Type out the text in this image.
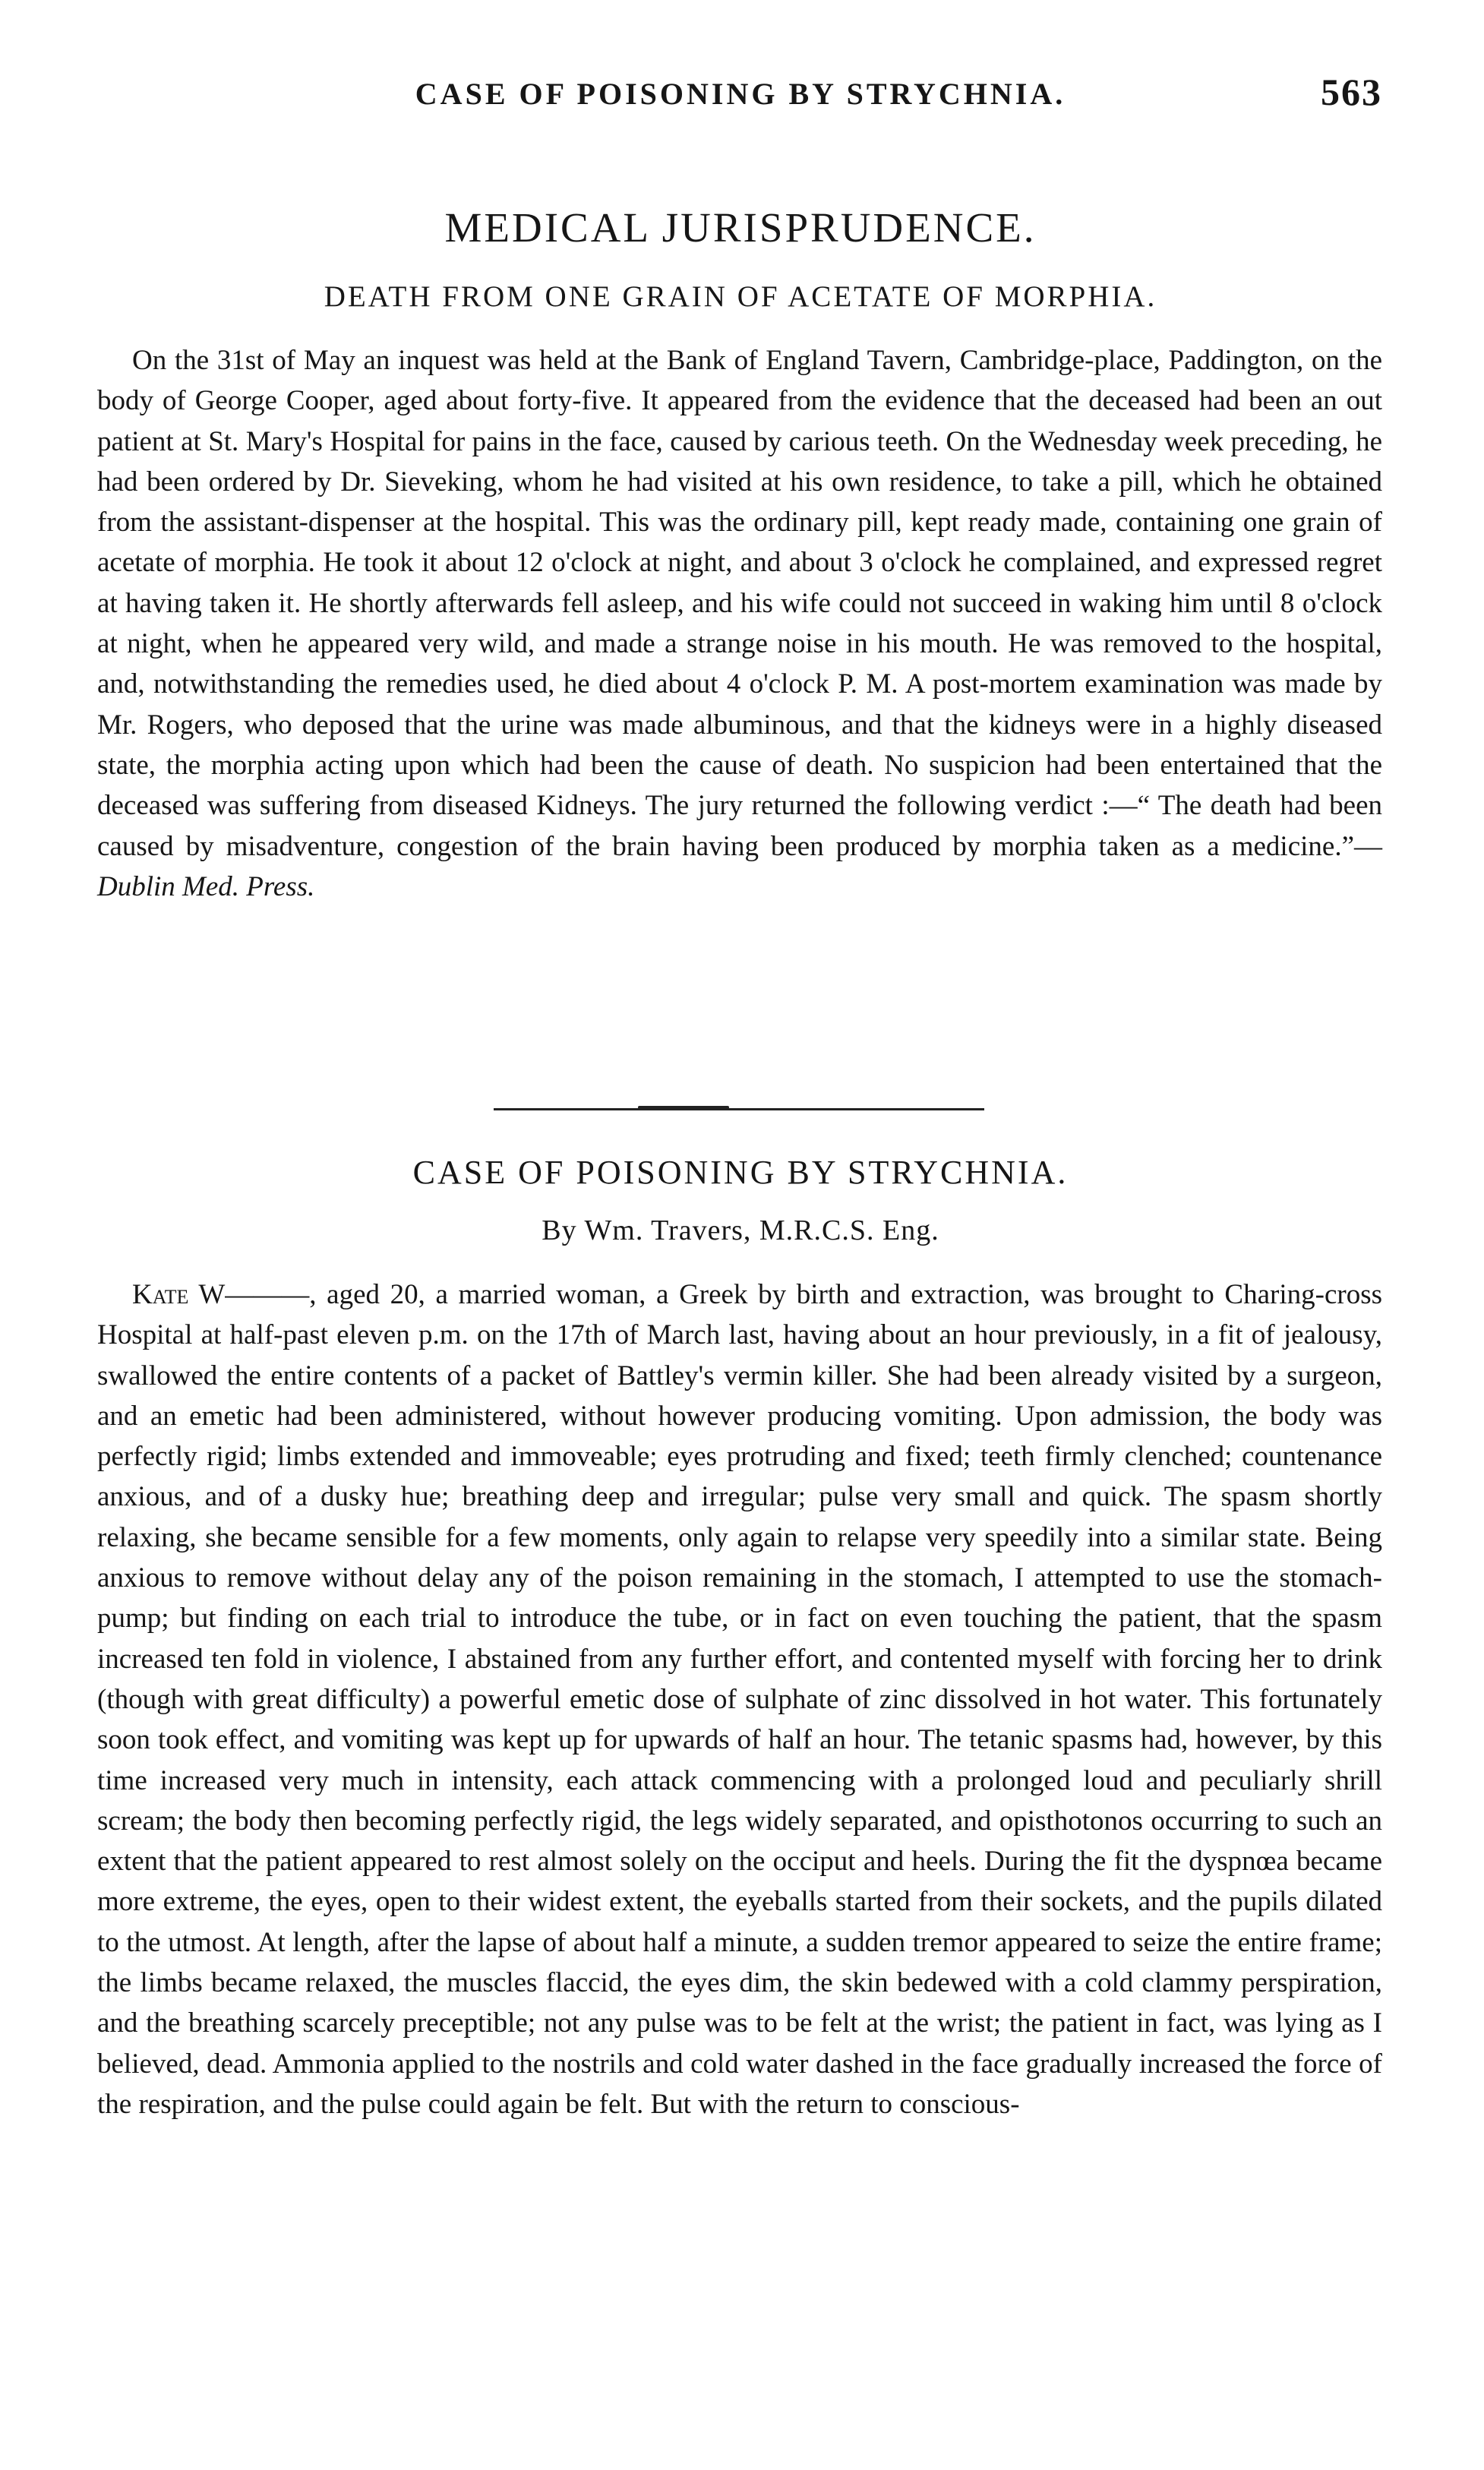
CASE OF POISONING BY STRYCHNIA.	563
MEDICAL JURISPRUDENCE.
DEATH FROM ONE GRAIN OF ACETATE OF MORPHIA.

On the 31st of May an inquest was held at the Bank of England Tavern, Cambridge-place, Paddington, on the body of George Cooper, aged about forty-five. It appeared from the evidence that the deceased had been an out patient at St. Mary's Hospital for pains in the face, caused by carious teeth. On the Wednesday week preceding, he had been ordered by Dr. Sieveking, whom he had visited at his own residence, to take a pill, which he obtained from the assistant-dispenser at the hospital. This was the ordinary pill, kept ready made, containing one grain of acetate of morphia. He took it about 12 o'clock at night, and about 3 o'clock he complained, and expressed regret at having taken it. He shortly afterwards fell asleep, and his wife could not succeed in waking him until 8 o'clock at night, when he appeared very wild, and made a strange noise in his mouth. He was removed to the hospital, and, notwithstanding the remedies used, he died about 4 o'clock P. M. A post-mortem examination was made by Mr. Rogers, who deposed that the urine was made albuminous, and that the kidneys were in a highly diseased state, the morphia acting upon which had been the cause of death. No suspicion had been entertained that the deceased was suffering from diseased Kidneys. The jury returned the following verdict :—“ The death had been caused by misadventure, congestion of the brain having been produced by morphia taken as a medicine.”—Dublin Med. Press.

CASE OF POISONING BY STRYCHNIA.
By Wm. Travers, M.R.C.S. Eng.

Kate W———, aged 20, a married woman, a Greek by birth and extraction, was brought to Charing-cross Hospital at half-past eleven p.m. on the 17th of March last, having about an hour previously, in a fit of jealousy, swallowed the entire contents of a packet of Battley's vermin killer. She had been already visited by a surgeon, and an emetic had been administered, without however producing vomiting. Upon admission, the body was perfectly rigid; limbs extended and immoveable; eyes protruding and fixed; teeth firmly clenched; countenance anxious, and of a dusky hue; breathing deep and irregular; pulse very small and quick. The spasm shortly relaxing, she became sensible for a few moments, only again to relapse very speedily into a similar state. Being anxious to remove without delay any of the poison remaining in the stomach, I attempted to use the stomach-pump; but finding on each trial to introduce the tube, or in fact on even touching the patient, that the spasm increased ten fold in violence, I abstained from any further effort, and contented myself with forcing her to drink (though with great difficulty) a powerful emetic dose of sulphate of zinc dissolved in hot water. This fortunately soon took effect, and vomiting was kept up for upwards of half an hour. The tetanic spasms had, however, by this time increased very much in intensity, each attack commencing with a prolonged loud and peculiarly shrill scream; the body then becoming perfectly rigid, the legs widely separated, and opisthotonos occurring to such an extent that the patient appeared to rest almost solely on the occiput and heels. During the fit the dyspnœa became more extreme, the eyes, open to their widest extent, the eyeballs started from their sockets, and the pupils dilated to the utmost. At length, after the lapse of about half a minute, a sudden tremor appeared to seize the entire frame; the limbs became relaxed, the muscles flaccid, the eyes dim, the skin bedewed with a cold clammy perspiration, and the breathing scarcely preceptible; not any pulse was to be felt at the wrist; the patient in fact, was lying as I believed, dead. Ammonia applied to the nostrils and cold water dashed in the face gradually increased the force of the respiration, and the pulse could again be felt. But with the return to conscious-
